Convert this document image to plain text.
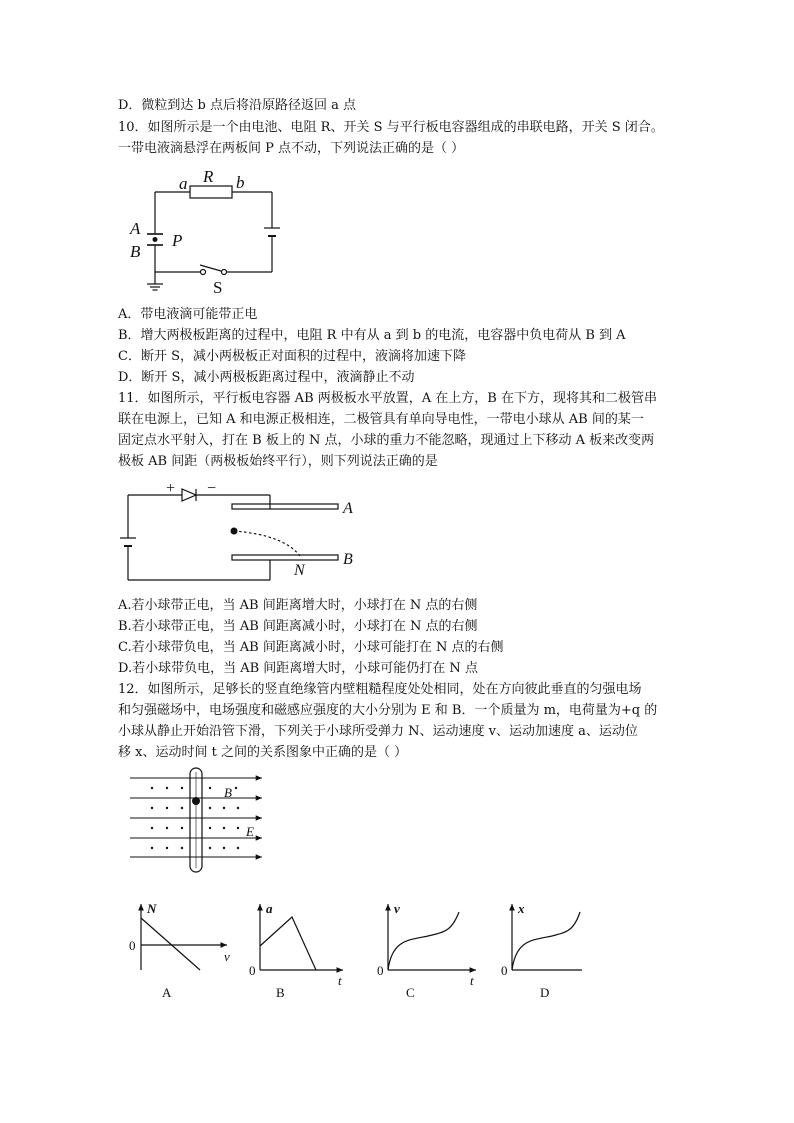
D．微粒到达 b 点后将沿原路径返回 a 点
10．如图所示是一个由电池、电阻 R、开关 S 与平行板电容器组成的串联电路，开关 S 闭合。
一带电液滴悬浮在两板间 P 点不动，下列说法正确的是（ ）
a R b
A
B
P
S
A．带电液滴可能带正电
B．增大两极板距离的过程中，电阻 R 中有从 a 到 b 的电流，电容器中负电荷从 B 到 A
C．断开 S，减小两极板正对面积的过程中，液滴将加速下降
D．断开 S，减小两极板距离过程中，液滴静止不动
11．如图所示，平行板电容器 AB 两极板水平放置，A 在上方，B 在下方，现将其和二极管串
联在电源上，已知 A 和电源正极相连，二极管具有单向导电性，一带电小球从 AB 间的某一
固定点水平射入，打在 B 板上的 N 点，小球的重力不能忽略，现通过上下移动 A 板来改变两
极板 AB 间距（两极板始终平行），则下列说法正确的是
+ −
A
B
N
A.若小球带正电，当 AB 间距离增大时，小球打在 N 点的右侧
B.若小球带正电，当 AB 间距离减小时，小球打在 N 点的右侧
C.若小球带负电，当 AB 间距离减小时，小球可能打在 N 点的右侧
D.若小球带负电，当 AB 间距离增大时，小球可能仍打在 N 点
12．如图所示，足够长的竖直绝缘管内壁粗糙程度处处相同，处在方向彼此垂直的匀强电场
和匀强磁场中，电场强度和磁感应强度的大小分别为 E 和 B．一个质量为 m，电荷量为+q 的
小球从静止开始沿管下滑，下列关于小球所受弹力 N、运动速度 v、运动加速度 a、运动位
移 x、运动时间 t 之间的关系图象中正确的是（ ）
B
E
N
v
0
A
a
t
0
B
v
t
0
C
x
0
D
